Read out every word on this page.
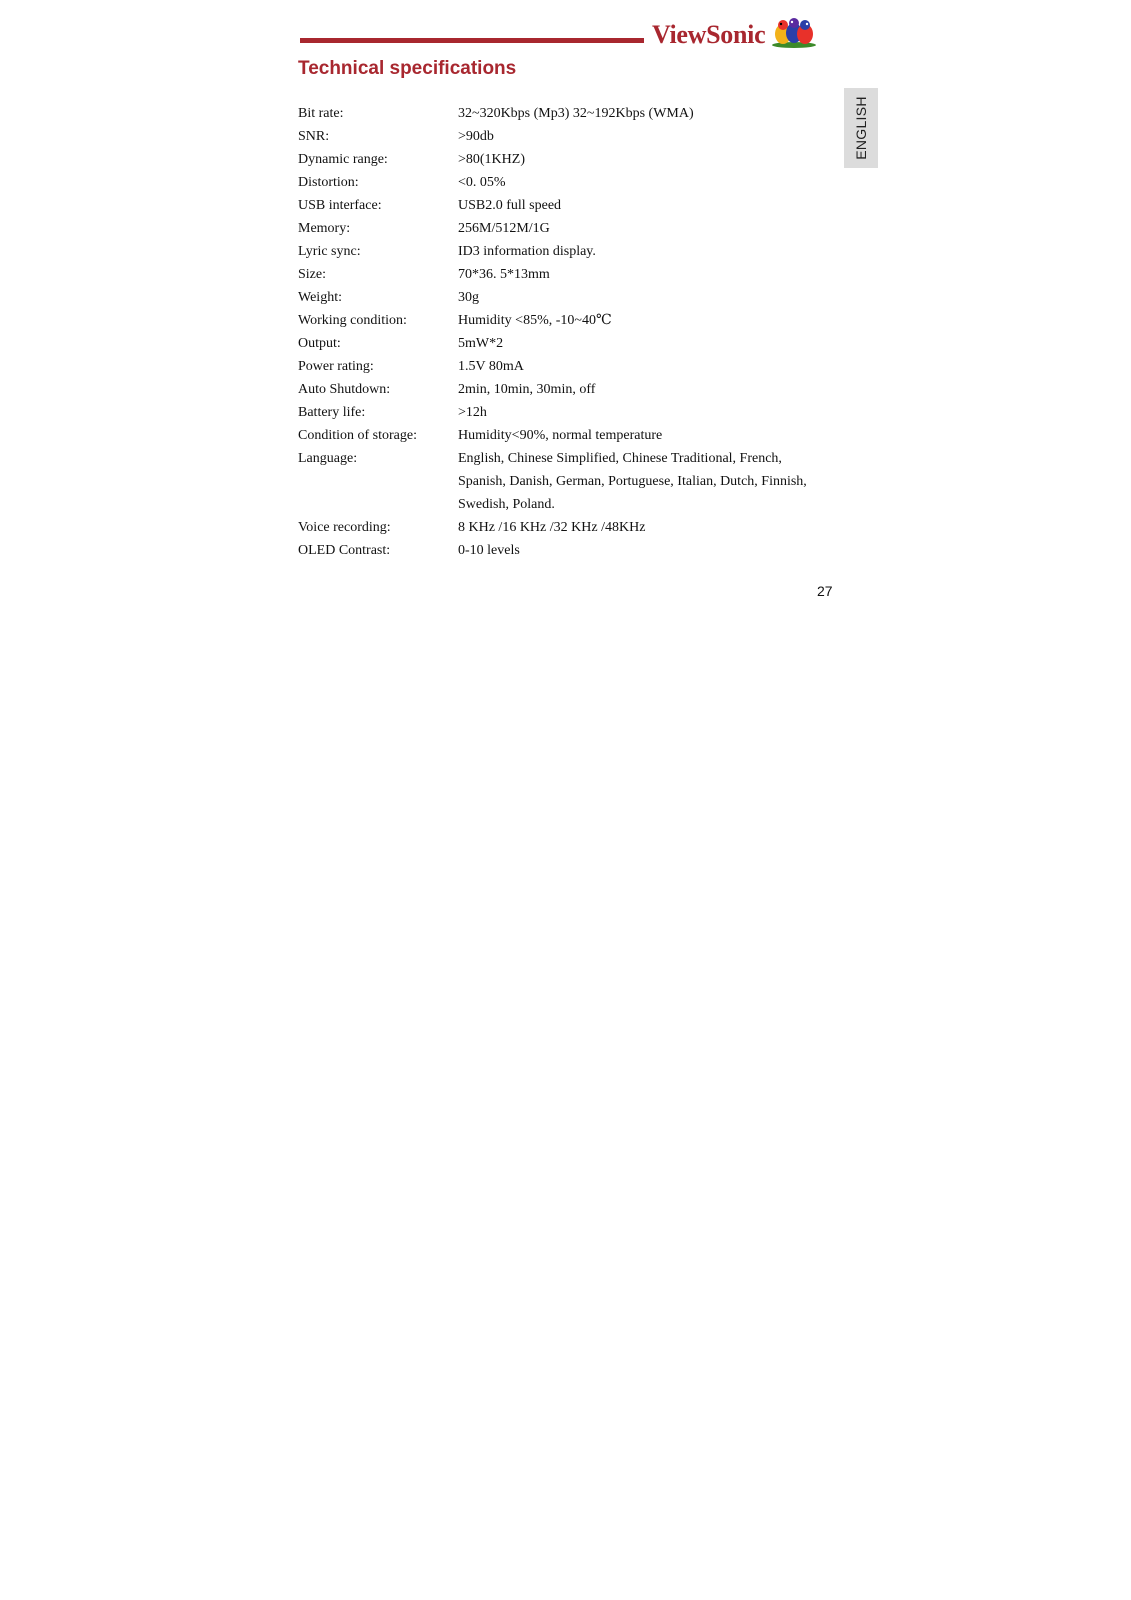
ViewSonic
Technical specifications
ENGLISH
Bit rate:	32~320Kbps (Mp3) 32~192Kbps (WMA)
SNR:	>90db
Dynamic range:	>80(1KHZ)
Distortion:	<0. 05%
USB interface:	USB2.0 full speed
Memory:	256M/512M/1G
Lyric sync:	ID3 information display.
Size:	70*36. 5*13mm
Weight:	30g
Working condition:	Humidity <85%, -10~40℃
Output:	5mW*2
Power rating:	1.5V 80mA
Auto Shutdown:	2min, 10min, 30min, off
Battery life:	>12h
Condition of storage:	Humidity<90%, normal temperature
Language:	English, Chinese Simplified, Chinese Traditional, French, Spanish, Danish, German, Portuguese, Italian, Dutch, Finnish, Swedish, Poland.
Voice recording:	8 KHz /16 KHz /32 KHz /48KHz
OLED Contrast:	0-10 levels
27
